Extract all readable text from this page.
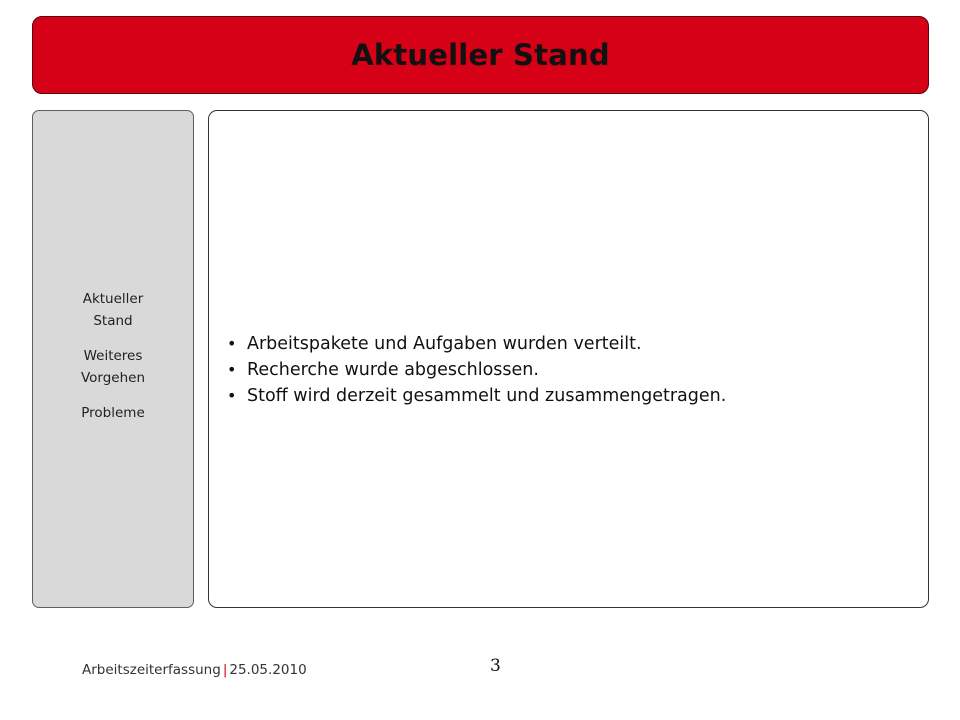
Aktueller Stand
Aktueller Stand
Weiteres Vorgehen
Probleme
• Arbeitspakete und Aufgaben wurden verteilt.
• Recherche wurde abgeschlossen.
• Stoff wird derzeit gesammelt und zusammengetragen.
Arbeitszeiterfassung | 25.05.2010	3
